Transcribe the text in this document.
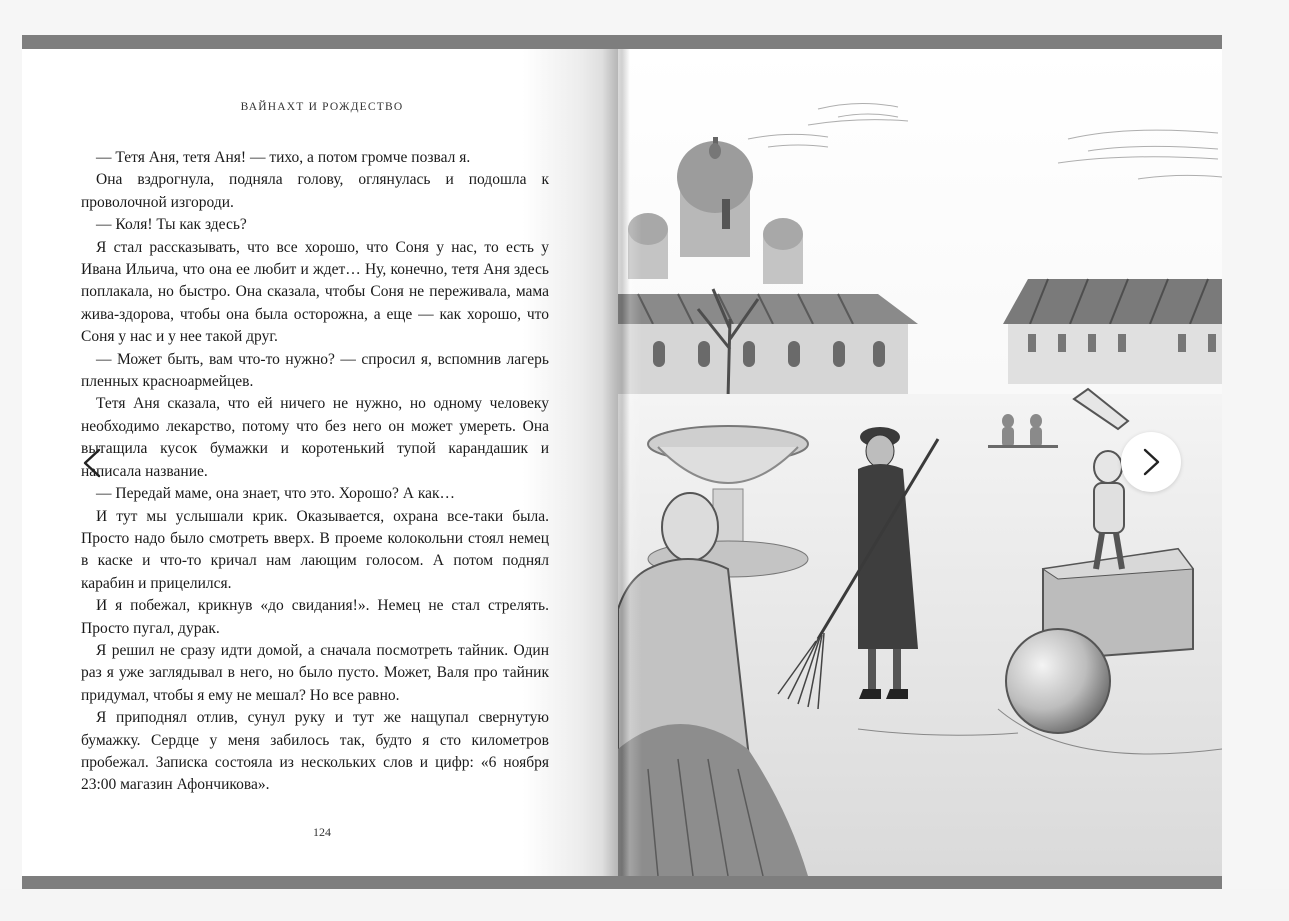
ВАЙНАХТ И РОЖДЕСТВО

— Тетя Аня, тетя Аня! — тихо, а потом громче позвал я.

Она вздрогнула, подняла голову, оглянулась и подошла к проволочной изгороди.

— Коля! Ты как здесь?

Я стал рассказывать, что все хорошо, что Соня у нас, то есть у Ивана Ильича, что она ее любит и ждет… Ну, конечно, тетя Аня здесь поплакала, но быстро. Она сказала, чтобы Соня не переживала, мама жива-здорова, чтобы она была осторожна, а еще — как хорошо, что Соня у нас и у нее такой друг.

— Может быть, вам что-то нужно? — спросил я, вспомнив лагерь пленных красноармейцев.

Тетя Аня сказала, что ей ничего не нужно, но одному человеку необходимо лекарство, потому что без него он может умереть. Она вытащила кусок бумажки и коротенький тупой карандашик и написала название.

— Передай маме, она знает, что это. Хорошо? А как…

И тут мы услышали крик. Оказывается, охрана все-таки была. Просто надо было смотреть вверх. В проеме колокольни стоял немец в каске и что-то кричал нам лающим голосом. А потом поднял карабин и прицелился.

И я побежал, крикнув «до свидания!». Немец не стал стрелять. Просто пугал, дурак.

Я решил не сразу идти домой, а сначала посмотреть тайник. Один раз я уже заглядывал в него, но было пусто. Может, Валя про тайник придумал, чтобы я ему не мешал? Но все равно.

Я приподнял отлив, сунул руку и тут же нащупал свернутую бумажку. Сердце у меня забилось так, будто я сто километров пробежал. Записка состояла из нескольких слов и цифр: «6 ноября 23:00 магазин Афончикова».

124
